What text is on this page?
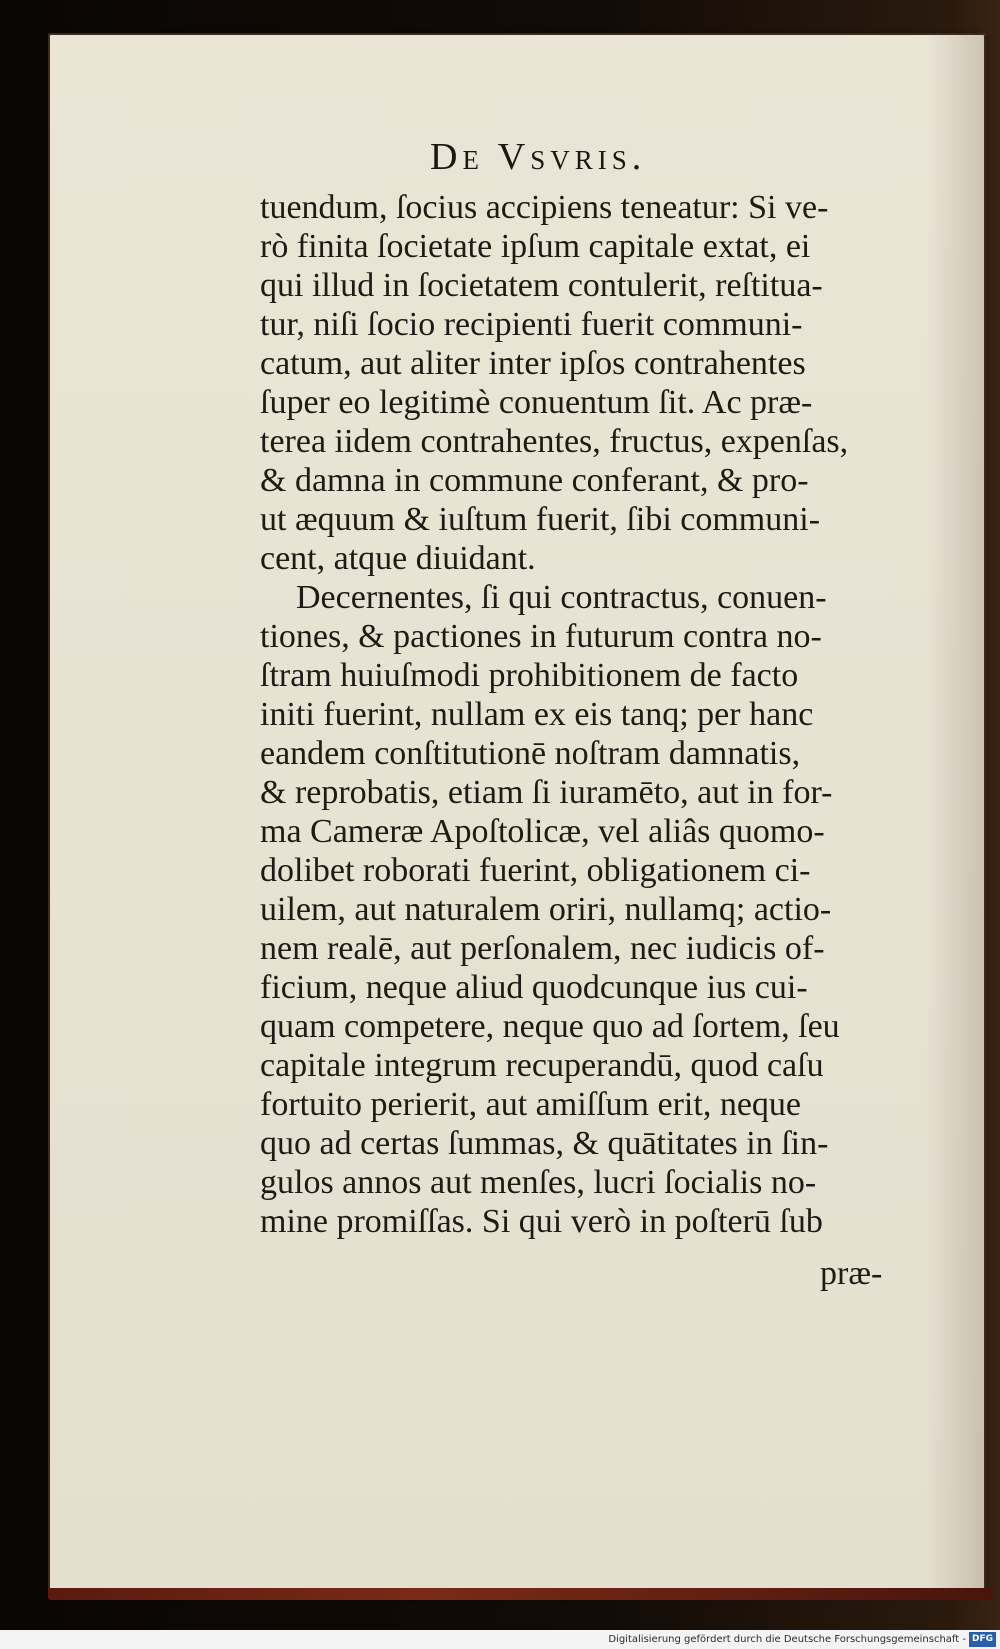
De Vsvris.
tuendum, ſocius accipiens teneatur: Si ve-
rò finita ſocietate ipſum capitale extat, ei
qui illud in ſocietatem contulerit, reſtitua-
tur, niſi ſocio recipienti fuerit communi-
catum, aut aliter inter ipſos contrahentes
ſuper eo legitimè conuentum ſit. Ac præ-
terea iidem contrahentes, fructus, expenſas,
& damna in commune conferant, & pro-
ut æquum & iuſtum fuerit, ſibi communi-
cent, atque diuidant.
Decernentes, ſi qui contractus, conuen-
tiones, & pactiones in futurum contra no-
ſtram huiuſmodi prohibitionem de facto
initi fuerint, nullam ex eis tanq; per hanc
eandem conſtitutionē noſtram damnatis,
& reprobatis, etiam ſi iuramēto, aut in for-
ma Cameræ Apoſtolicæ, vel aliâs quomo-
dolibet roborati fuerint, obligationem ci-
uilem, aut naturalem oriri, nullamq; actio-
nem realē, aut perſonalem, nec iudicis of-
ficium, neque aliud quodcunque ius cui-
quam competere, neque quo ad ſortem, ſeu
capitale integrum recuperandū, quod caſu
fortuito perierit, aut amiſſum erit, neque
quo ad certas ſummas, & quātitates in ſin-
gulos annos aut menſes, lucri ſocialis no-
mine promiſſas. Si qui verò in poſterū ſub
præ-
Digitalisierung gefördert durch die Deutsche Forschungsgemeinschaft - DFG
